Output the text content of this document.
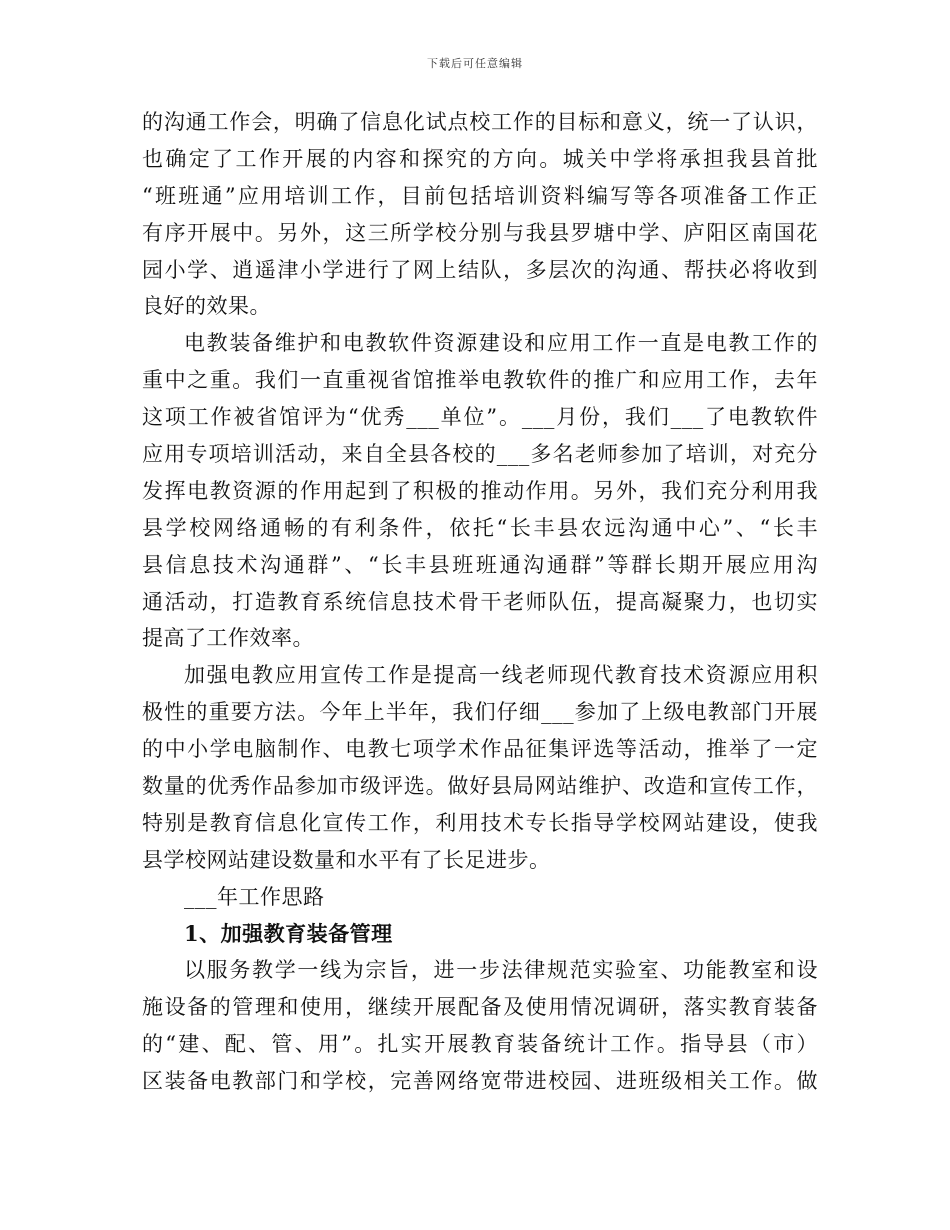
下载后可任意编辑
的沟通工作会，明确了信息化试点校工作的目标和意义，统一了认识，
也确定了工作开展的内容和探究的方向。城关中学将承担我县首批
“班班通”应用培训工作，目前包括培训资料编写等各项准备工作正
有序开展中。另外，这三所学校分别与我县罗塘中学、庐阳区南国花
园小学、逍遥津小学进行了网上结队，多层次的沟通、帮扶必将收到
良好的效果。
电教装备维护和电教软件资源建设和应用工作一直是电教工作的
重中之重。我们一直重视省馆推举电教软件的推广和应用工作，去年
这项工作被省馆评为“优秀___单位”。___月份，我们___了电教软件
应用专项培训活动，来自全县各校的___多名老师参加了培训，对充分
发挥电教资源的作用起到了积极的推动作用。另外，我们充分利用我
县学校网络通畅的有利条件，依托“长丰县农远沟通中心”、“长丰
县信息技术沟通群”、“长丰县班班通沟通群”等群长期开展应用沟
通活动，打造教育系统信息技术骨干老师队伍，提高凝聚力，也切实
提高了工作效率。
加强电教应用宣传工作是提高一线老师现代教育技术资源应用积
极性的重要方法。今年上半年，我们仔细___参加了上级电教部门开展
的中小学电脑制作、电教七项学术作品征集评选等活动，推举了一定
数量的优秀作品参加市级评选。做好县局网站维护、改造和宣传工作，
特别是教育信息化宣传工作，利用技术专长指导学校网站建设，使我
县学校网站建设数量和水平有了长足进步。
___年工作思路
1、加强教育装备管理
以服务教学一线为宗旨，进一步法律规范实验室、功能教室和设
施设备的管理和使用，继续开展配备及使用情况调研，落实教育装备
的“建、配、管、用”。扎实开展教育装备统计工作。指导县（市）
区装备电教部门和学校，完善网络宽带进校园、进班级相关工作。做
